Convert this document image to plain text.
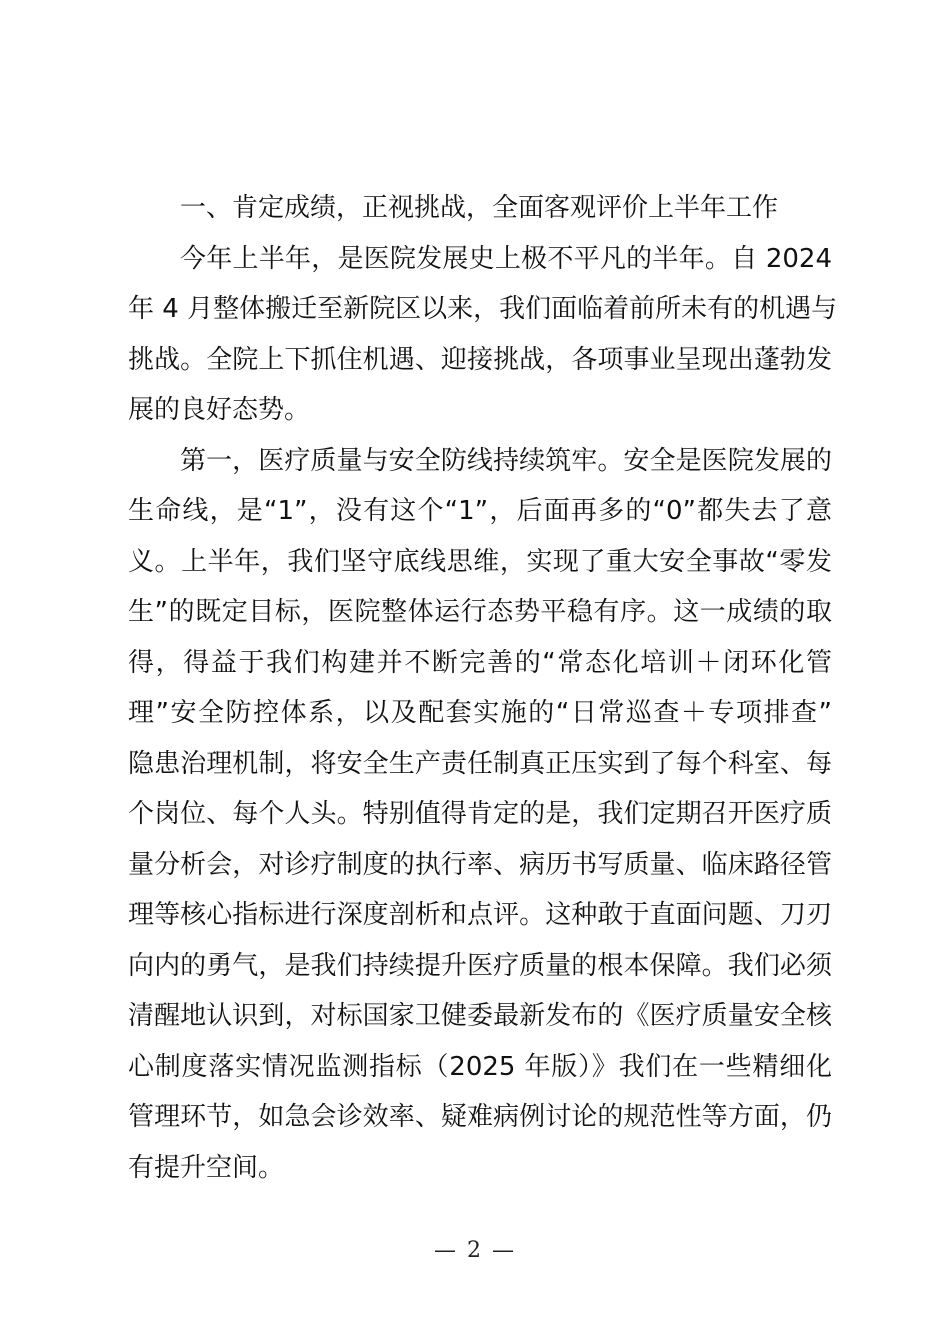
一、肯定成绩，正视挑战，全面客观评价上半年工作
今年上半年，是医院发展史上极不平凡的半年。自 2024
年 4 月整体搬迁至新院区以来，我们面临着前所未有的机遇与
挑战。全院上下抓住机遇、迎接挑战，各项事业呈现出蓬勃发
展的良好态势。
第一，医疗质量与安全防线持续筑牢。安全是医院发展的
生命线，是“1”，没有这个“1”，后面再多的“0”都失去了意
义。上半年，我们坚守底线思维，实现了重大安全事故“零发
生”的既定目标，医院整体运行态势平稳有序。这一成绩的取
得，得益于我们构建并不断完善的“常态化培训＋闭环化管
理”安全防控体系，以及配套实施的“日常巡查＋专项排查”
隐患治理机制，将安全生产责任制真正压实到了每个科室、每
个岗位、每个人头。特别值得肯定的是，我们定期召开医疗质
量分析会，对诊疗制度的执行率、病历书写质量、临床路径管
理等核心指标进行深度剖析和点评。这种敢于直面问题、刀刃
向内的勇气，是我们持续提升医疗质量的根本保障。我们必须
清醒地认识到，对标国家卫健委最新发布的《医疗质量安全核
心制度落实情况监测指标（2025 年版）》我们在一些精细化
管理环节，如急会诊效率、疑难病例讨论的规范性等方面，仍
有提升空间。
— 2 —
